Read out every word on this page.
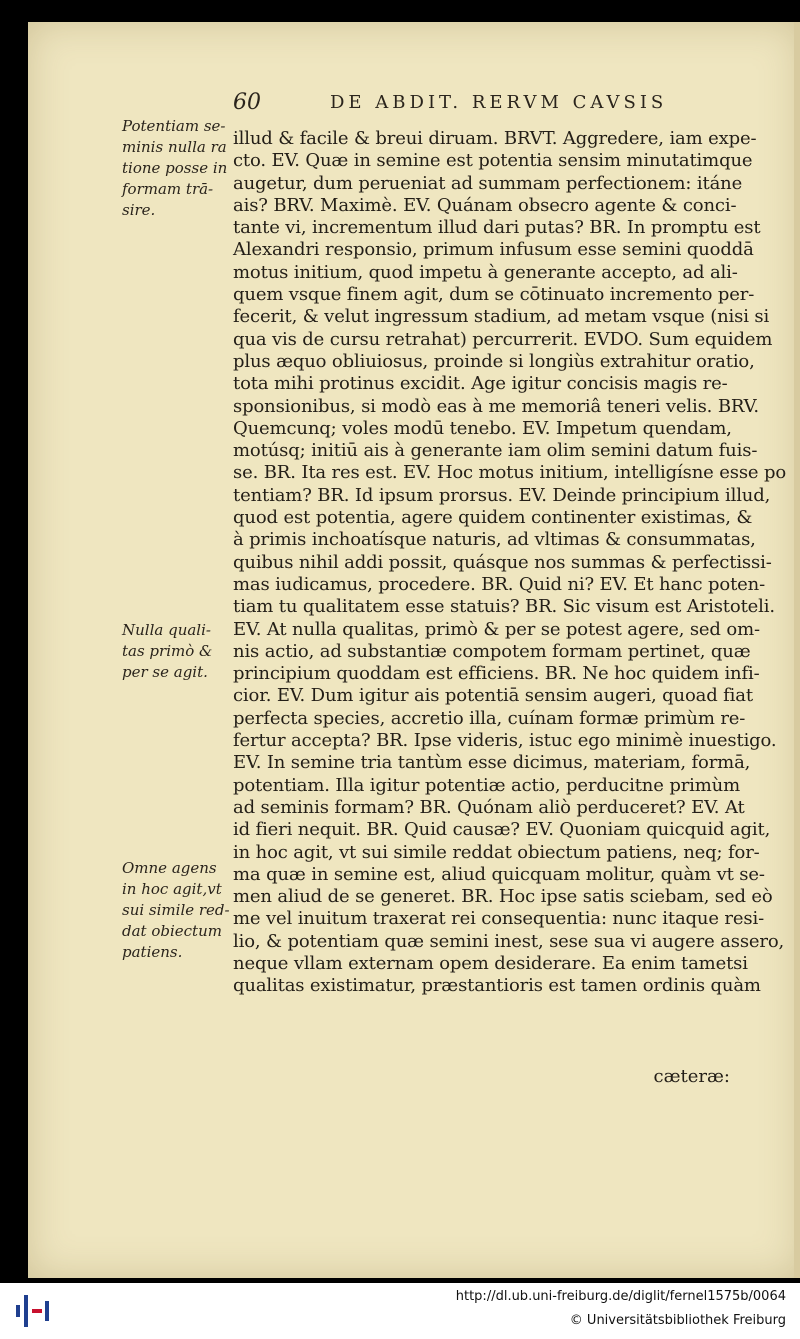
60	DE ABDIT. RERVM CAVSIS
Potentiam se-
minis nulla ra
tione posse in
formam trā-
sire.
Nulla quali-
tas primò &
per se agit.
Omne agens
in hoc agit,vt
sui simile red-
dat obiectum
patiens.
illud & facile & breui diruam. BRVT. Aggredere, iam expe-
cto. EV. Quæ in semine est potentia sensim minutatimque
augetur, dum perueniat ad summam perfectionem: itáne
ais? BRV. Maximè. EV. Quánam obsecro agente & conci-
tante vi, incrementum illud dari putas? BR. In promptu est
Alexandri responsio, primum infusum esse semini quoddā
motus initium, quod impetu à generante accepto, ad ali-
quem vsque finem agit, dum se cōtinuato incremento per-
fecerit, & velut ingressum stadium, ad metam vsque (nisi si
qua vis de cursu retrahat) percurrerit. EVDO. Sum equidem
plus æquo obliuiosus, proinde si longiùs extrahitur oratio,
tota mihi protinus excidit. Age igitur concisis magis re-
sponsionibus, si modò eas à me memoriâ teneri velis. BRV.
Quemcunq; voles modū tenebo. EV. Impetum quendam,
motúsq; initiū ais à generante iam olim semini datum fuis-
se. BR. Ita res est. EV. Hoc motus initium, intelligísne esse po
tentiam? BR. Id ipsum prorsus. EV. Deinde principium illud,
quod est potentia, agere quidem continenter existimas, &
à primis inchoatísque naturis, ad vltimas & consummatas,
quibus nihil addi possit, quásque nos summas & perfectissi-
mas iudicamus, procedere. BR. Quid ni? EV. Et hanc poten-
tiam tu qualitatem esse statuis? BR. Sic visum est Aristoteli.
EV. At nulla qualitas, primò & per se potest agere, sed om-
nis actio, ad substantiæ compotem formam pertinet, quæ
principium quoddam est efficiens. BR. Ne hoc quidem infi-
cior. EV. Dum igitur ais potentiā sensim augeri, quoad fiat
perfecta species, accretio illa, cuínam formæ primùm re-
fertur accepta? BR. Ipse videris, istuc ego minimè inuestigo.
EV. In semine tria tantùm esse dicimus, materiam, formā,
potentiam. Illa igitur potentiæ actio, perducitne primùm
ad seminis formam? BR. Quónam aliò perduceret? EV. At
id fieri nequit. BR. Quid causæ? EV. Quoniam quicquid agit,
in hoc agit, vt sui simile reddat obiectum patiens, neq; for-
ma quæ in semine est, aliud quicquam molitur, quàm vt se-
men aliud de se generet. BR. Hoc ipse satis sciebam, sed eò
me vel inuitum traxerat rei consequentia: nunc itaque resi-
lio, & potentiam quæ semini inest, sese sua vi augere assero,
neque vllam externam opem desiderare. Ea enim tametsi
qualitas existimatur, præstantioris est tamen ordinis quàm
cæteræ:
http://dl.ub.uni-freiburg.de/diglit/fernel1575b/0064
© Universitätsbibliothek Freiburg
